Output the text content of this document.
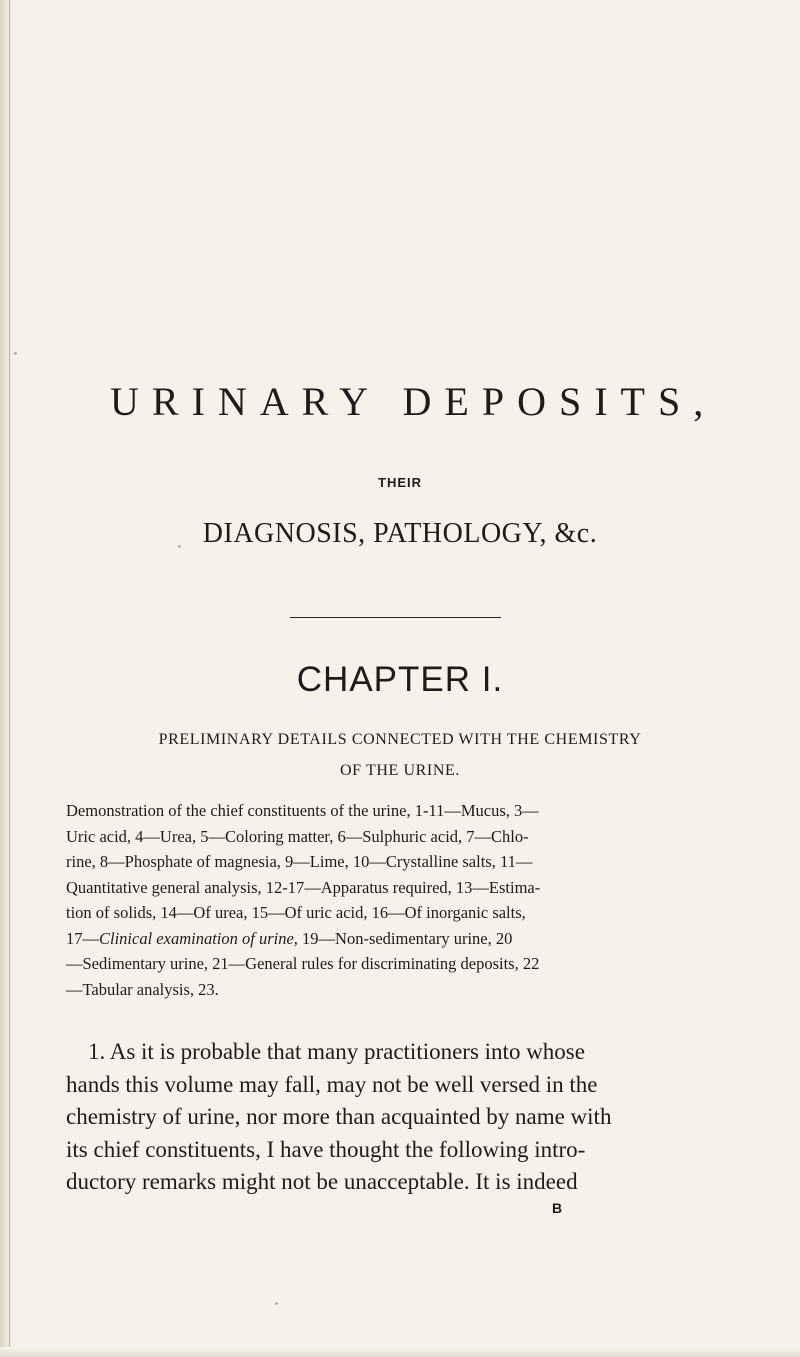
URINARY DEPOSITS,
THEIR
DIAGNOSIS, PATHOLOGY, &c.
CHAPTER I.
PRELIMINARY DETAILS CONNECTED WITH THE CHEMISTRY
OF THE URINE.
Demonstration of the chief constituents of the urine, 1-11—Mucus, 3—
Uric acid, 4—Urea, 5—Coloring matter, 6—Sulphuric acid, 7—Chlo-
rine, 8—Phosphate of magnesia, 9—Lime, 10—Crystalline salts, 11—
Quantitative general analysis, 12-17—Apparatus required, 13—Estima-
tion of solids, 14—Of urea, 15—Of uric acid, 16—Of inorganic salts,
17—Clinical examination of urine, 19—Non-sedimentary urine, 20
—Sedimentary urine, 21—General rules for discriminating deposits, 22
—Tabular analysis, 23.
1. As it is probable that many practitioners into whose
hands this volume may fall, may not be well versed in the
chemistry of urine, nor more than acquainted by name with
its chief constituents, I have thought the following intro-
ductory remarks might not be unacceptable. It is indeed
B
